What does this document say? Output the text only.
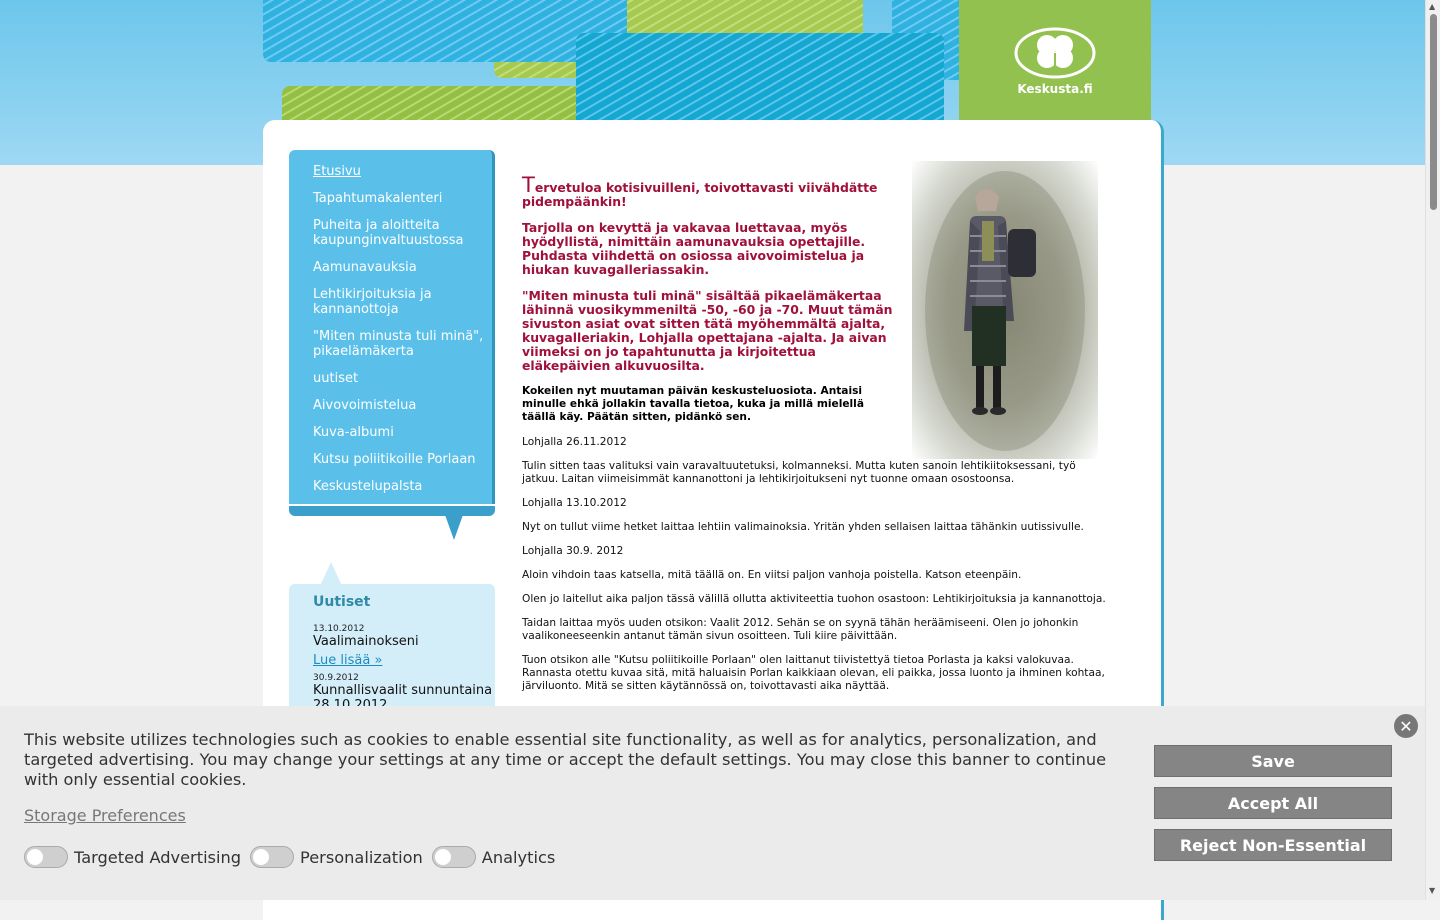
Keskusta.fi
Etusivu
Tapahtumakalenteri
Puheita ja aloitteita kaupunginvaltuustossa
Aamunavauksia
Lehtikirjoituksia ja kannanottoja
"Miten minusta tuli minä", pikaelämäkerta
uutiset
Aivovoimistelua
Kuva-albumi
Kutsu poliitikoille Porlaan
Keskustelupalsta
Uutiset
13.10.2012
Vaalimainokseni
Lue lisää »
30.9.2012
Kunnallisvaalit sunnuntaina

Tervetuloa kotisivuilleni, toivottavasti viivähdätte pidempäänkin!

Tarjolla on kevyttä ja vakavaa luettavaa, myös hyödyllistä, nimittäin aamunavauksia opettajille. Puhdasta viihdettä on osiossa aivovoimistelua ja hiukan kuvagalleriassakin.

"Miten minusta tuli minä" sisältää pikaelämäkertaa lähinnä vuosikymmeniltä -50, -60 ja -70. Muut tämän sivuston asiat ovat sitten tätä myöhemmältä ajalta, kuvagalleriakin, Lohjalla opettajana -ajalta. Ja aivan viimeksi on jo tapahtunutta ja kirjoitettua eläkepäivien alkuvuosilta.

Kokeilen nyt muutaman päivän keskusteluosiota. Antaisi minulle ehkä jollakin tavalla tietoa, kuka ja millä mielellä täällä käy. Päätän sitten, pidänkö sen.

Lohjalla 26.11.2012

Tulin sitten taas valituksi vain varavaltuutetuksi, kolmanneksi. Mutta kuten sanoin lehtikiitoksessani, työ jatkuu. Laitan viimeisimmät kannanottoni ja lehtikirjoitukseni nyt tuonne omaan osostoonsa.

Lohjalla 13.10.2012

Nyt on tullut viime hetket laittaa lehtiin valimainoksia. Yritän yhden sellaisen laittaa tähänkin uutissivulle.

Lohjalla 30.9. 2012

Aloin vihdoin taas katsella, mitä täällä on. En viitsi paljon vanhoja poistella. Katson eteenpäin.

Olen jo laitellut aika paljon tässä välillä ollutta aktiviteettia tuohon osastoon: Lehtikirjoituksia ja kannanottoja.

Taidan laittaa myös uuden otsikon: Vaalit 2012. Sehän se on syynä tähän heräämiseeni. Olen jo johonkin vaalikoneeseenkin antanut tämän sivun osoitteen. Tuli kiire päivittään.

Tuon otsikon alle "Kutsu poliitikoille Porlaan" olen laittanut tiivistettyä tietoa Porlasta ja kaksi valokuvaa. Rannasta otettu kuvaa sitä, mitä haluaisin Porlan kaikkiaan olevan, eli paikka, jossa luonto ja ihminen kohtaa, järviluonto. Mitä se sitten käytännössä on, toivottavasti aika näyttää.

This website utilizes technologies such as cookies to enable essential site functionality, as well as for analytics, personalization, and targeted advertising. You may change your settings at any time or accept the default settings. You may close this banner to continue with only essential cookies.
Storage Preferences
Targeted Advertising	Personalization	Analytics
Save
Accept All
Reject Non-Essential
✕
▲
▼
